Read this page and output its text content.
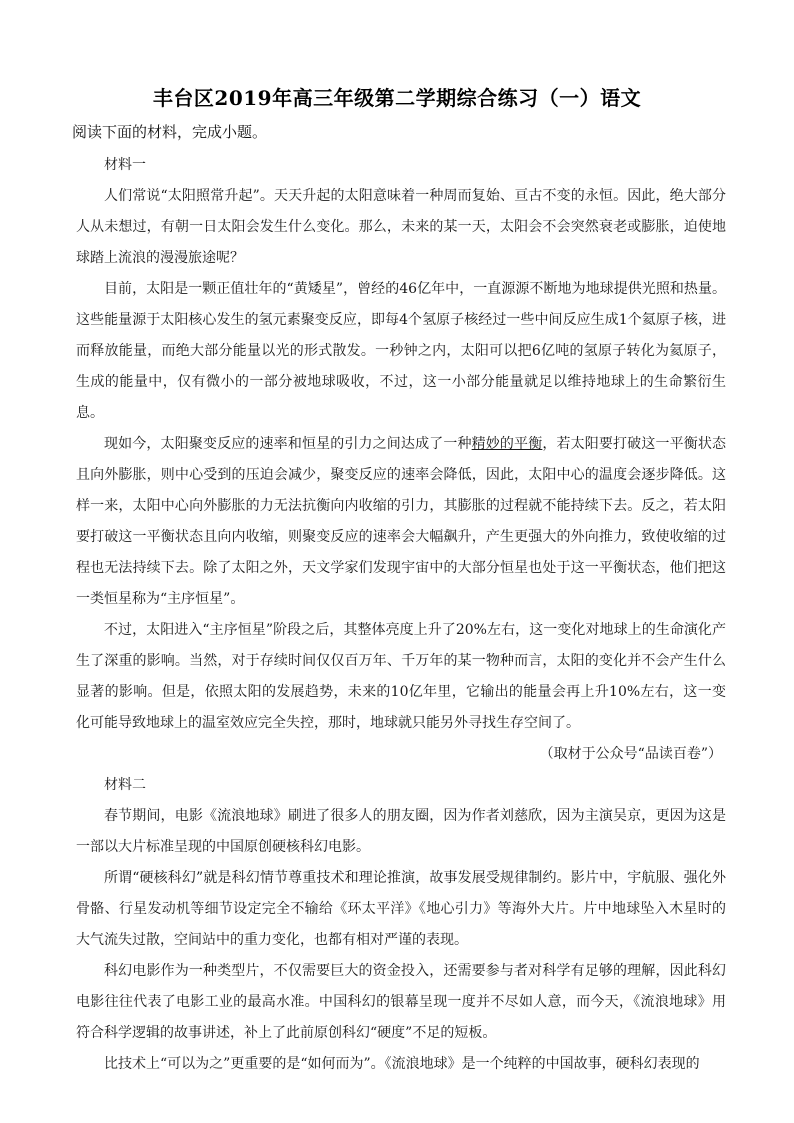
丰台区2019年高三年级第二学期综合练习（一）语文
阅读下面的材料，完成小题。

材料一

人们常说“太阳照常升起”。天天升起的太阳意味着一种周而复始、亘古不变的永恒。因此，绝大部分人从未想过，有朝一日太阳会发生什么变化。那么，未来的某一天，太阳会不会突然衰老或膨胀，迫使地球踏上流浪的漫漫旅途呢？

目前，太阳是一颗正值壮年的“黄矮星”，曾经的46亿年中，一直源源不断地为地球提供光照和热量。这些能量源于太阳核心发生的氢元素聚变反应，即每4个氢原子核经过一些中间反应生成1个氦原子核，进而释放能量，而绝大部分能量以光的形式散发。一秒钟之内，太阳可以把6亿吨的氢原子转化为氦原子，生成的能量中，仅有微小的一部分被地球吸收，不过，这一小部分能量就足以维持地球上的生命繁衍生息。

现如今，太阳聚变反应的速率和恒星的引力之间达成了一种精妙的平衡，若太阳要打破这一平衡状态且向外膨胀，则中心受到的压迫会减少，聚变反应的速率会降低，因此，太阳中心的温度会逐步降低。这样一来，太阳中心向外膨胀的力无法抗衡向内收缩的引力，其膨胀的过程就不能持续下去。反之，若太阳要打破这一平衡状态且向内收缩，则聚变反应的速率会大幅飙升，产生更强大的外向推力，致使收缩的过程也无法持续下去。除了太阳之外，天文学家们发现宇宙中的大部分恒星也处于这一平衡状态，他们把这一类恒星称为“主序恒星”。

不过，太阳进入“主序恒星”阶段之后，其整体亮度上升了20%左右，这一变化对地球上的生命演化产生了深重的影响。当然，对于存续时间仅仅百万年、千万年的某一物种而言，太阳的变化并不会产生什么显著的影响。但是，依照太阳的发展趋势，未来的10亿年里，它输出的能量会再上升10%左右，这一变化可能导致地球上的温室效应完全失控，那时，地球就只能另外寻找生存空间了。

（取材于公众号“品读百卷”）

材料二

春节期间，电影《流浪地球》刷进了很多人的朋友圈，因为作者刘慈欣，因为主演吴京，更因为这是一部以大片标准呈现的中国原创硬核科幻电影。

所谓“硬核科幻”就是科幻情节尊重技术和理论推演，故事发展受规律制约。影片中，宇航服、强化外骨骼、行星发动机等细节设定完全不输给《环太平洋》《地心引力》等海外大片。片中地球坠入木星时的大气流失过散，空间站中的重力变化，也都有相对严谨的表现。

科幻电影作为一种类型片，不仅需要巨大的资金投入，还需要参与者对科学有足够的理解，因此科幻电影往往代表了电影工业的最高水准。中国科幻的银幕呈现一度并不尽如人意，而今天，《流浪地球》用符合科学逻辑的故事讲述，补上了此前原创科幻“硬度”不足的短板。

比技术上“可以为之”更重要的是“如何而为”。《流浪地球》是一个纯粹的中国故事，硬科幻表现的
